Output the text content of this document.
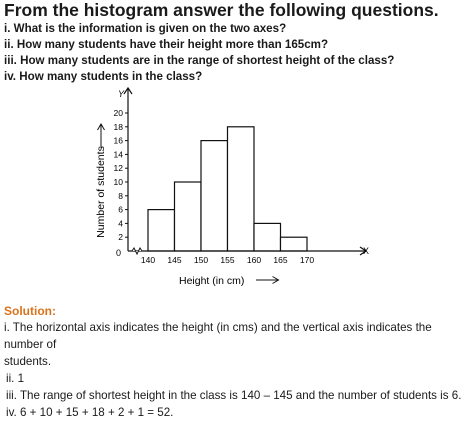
From the histogram answer the following questions.
i. What is the information is given on the two axes?
ii. How many students have their height more than 165cm?
iii. How many students are in the range of shortest height of the class?
iv. How many students in the class?
2
4
6
8
10
12
14
16
18
20
140 145 150 155 160 165 170
0
Y
X
Number of students
Height (in cm)
Solution:
i. The horizontal axis indicates the height (in cms) and the vertical axis indicates the number of
students.
ii. 1
iii. The range of shortest height in the class is 140 – 145 and the number of students is 6.
iv. 6 + 10 + 15 + 18 + 2 + 1 = 52.
